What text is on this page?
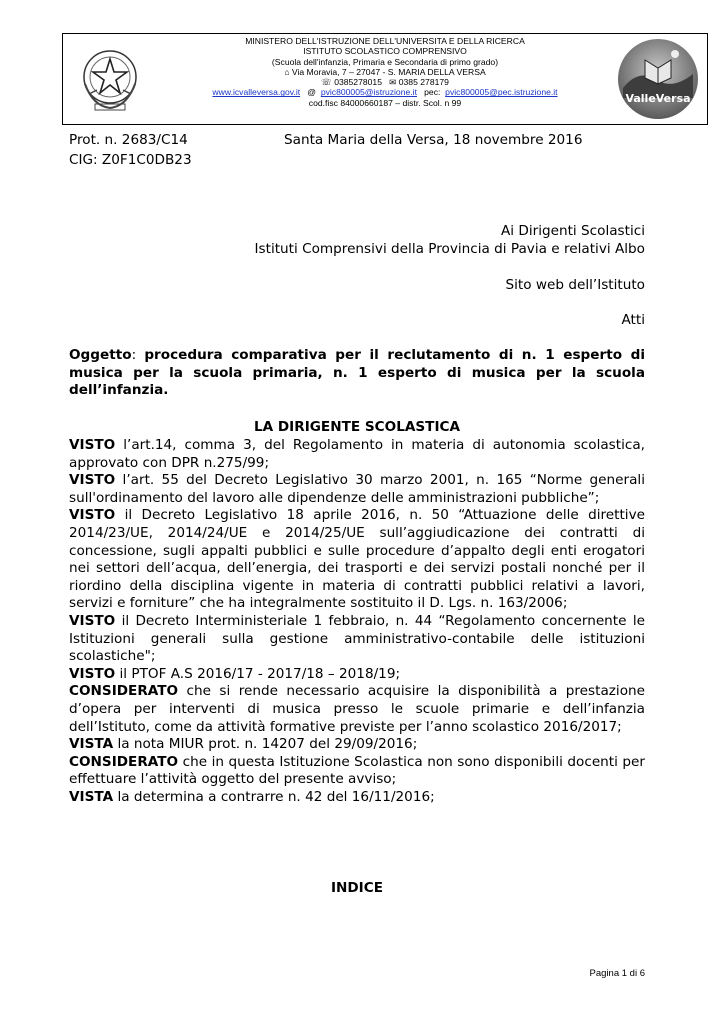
MINISTERO DELL'ISTRUZIONE DELL'UNIVERSITA E DELLA RICERCA
ISTITUTO SCOLASTICO COMPRENSIVO
(Scuola dell'infanzia, Primaria e Secondaria di primo grado)
⌂ Via Moravia, 7 – 27047 - S. MARIA DELLA VERSA
☏ 0385278015 ✉ 0385 278179
www.icvalleversa.gov.it   @  pvic800005@istruzione.it pec: pvic800005@pec.istruzione.it
cod.fisc 84000660187 – distr. Scol. n 99	ValleVersa
Prot. n. 2683/C14	Santa Maria della Versa, 18 novembre 2016
CIG: Z0F1C0DB23
Ai Dirigenti Scolastici
Istituti Comprensivi della Provincia di Pavia e relativi Albo
Sito web dell’Istituto
Atti

Oggetto: procedura comparativa per il reclutamento di n. 1 esperto di musica per la scuola primaria, n. 1 esperto di musica per la scuola dell’infanzia.

LA DIRIGENTE SCOLASTICA

VISTO l’art.14, comma 3, del Regolamento in materia di autonomia scolastica, approvato con DPR n.275/99;

VISTO l’art. 55 del Decreto Legislativo 30 marzo 2001, n. 165 “Norme generali sull'ordinamento del lavoro alle dipendenze delle amministrazioni pubbliche”;

VISTO il Decreto Legislativo 18 aprile 2016, n. 50 “Attuazione delle direttive 2014/23/UE, 2014/24/UE e 2014/25/UE sull’aggiudicazione dei contratti di concessione, sugli appalti pubblici e sulle procedure d’appalto degli enti erogatori nei settori dell’acqua, dell’energia, dei trasporti e dei servizi postali nonché per il riordino della disciplina vigente in materia di contratti pubblici relativi a lavori, servizi e forniture” che ha integralmente sostituito il D. Lgs. n. 163/2006;

VISTO il Decreto Interministeriale 1 febbraio, n. 44 “Regolamento concernente le Istituzioni generali sulla gestione amministrativo-contabile delle istituzioni scolastiche";

VISTO il PTOF A.S 2016/17 - 2017/18 – 2018/19;

CONSIDERATO che si rende necessario acquisire la disponibilità a prestazione d’opera per interventi di musica presso le scuole primarie e dell’infanzia dell’Istituto, come da attività formative previste per l’anno scolastico 2016/2017;

VISTA la nota MIUR prot. n. 14207 del 29/09/2016;

CONSIDERATO che in questa Istituzione Scolastica non sono disponibili docenti per effettuare l’attività oggetto del presente avviso;

VISTA la determina a contrarre n. 42 del 16/11/2016;

INDICE
Pagina 1 di 6
